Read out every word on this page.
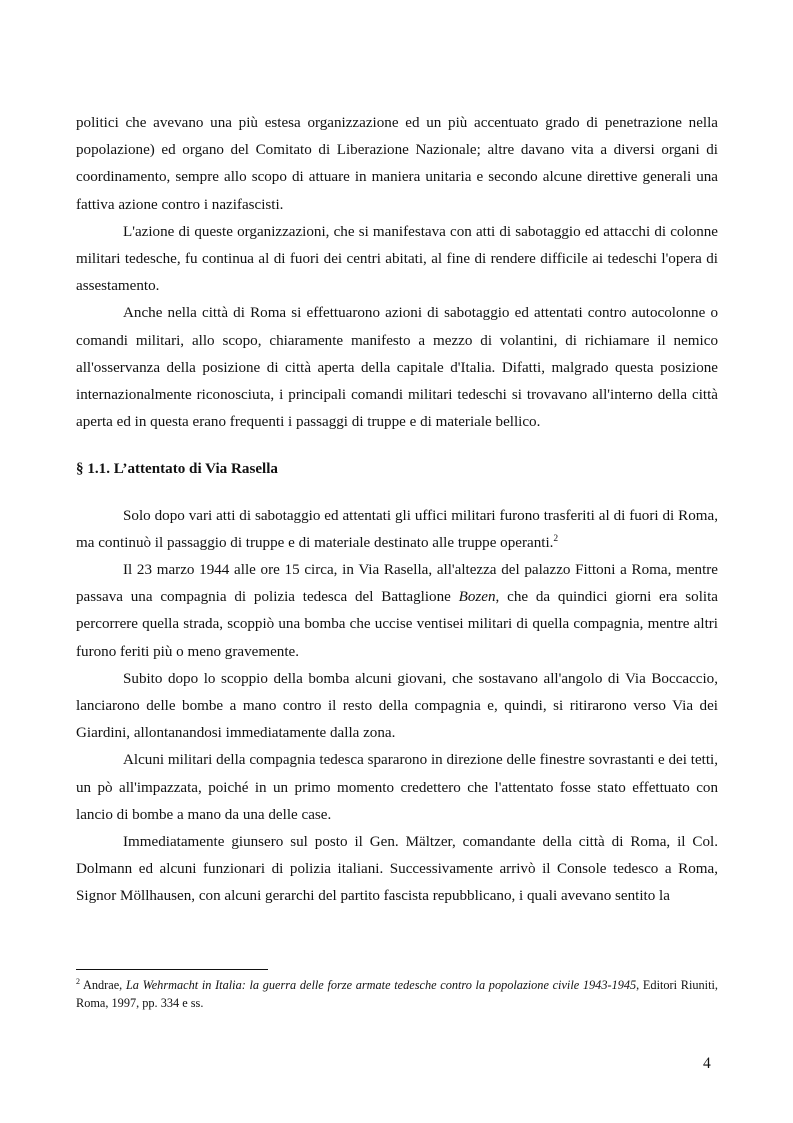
politici che avevano una più estesa organizzazione ed un più accentuato grado di penetrazione nella popolazione) ed organo del Comitato di Liberazione Nazionale; altre davano vita a diversi organi di coordinamento, sempre allo scopo di attuare in maniera unitaria e secondo alcune direttive generali una fattiva azione contro i nazifascisti.

L'azione di queste organizzazioni, che si manifestava con atti di sabotaggio ed attacchi di colonne militari tedesche, fu continua al di fuori dei centri abitati, al fine di rendere difficile ai tedeschi l'opera di assestamento.

Anche nella città di Roma si effettuarono azioni di sabotaggio ed attentati contro autocolonne o comandi militari, allo scopo, chiaramente manifesto a mezzo di volantini, di richiamare il nemico all'osservanza della posizione di città aperta della capitale d'Italia. Difatti, malgrado questa posizione internazionalmente riconosciuta, i principali comandi militari tedeschi si trovavano all'interno della città aperta ed in questa erano frequenti i passaggi di truppe e di materiale bellico.

§ 1.1. L’attentato di Via Rasella

Solo dopo vari atti di sabotaggio ed attentati gli uffici militari furono trasferiti al di fuori di Roma, ma continuò il passaggio di truppe e di materiale destinato alle truppe operanti.$^2$

Il 23 marzo 1944 alle ore 15 circa, in Via Rasella, all'altezza del palazzo Fittoni a Roma, mentre passava una compagnia di polizia tedesca del Battaglione Bozen, che da quindici giorni era solita percorrere quella strada, scoppiò una bomba che uccise ventisei militari di quella compagnia, mentre altri furono feriti più o meno gravemente.

Subito dopo lo scoppio della bomba alcuni giovani, che sostavano all'angolo di Via Boccaccio, lanciarono delle bombe a mano contro il resto della compagnia e, quindi, si ritirarono verso Via dei Giardini, allontanandosi immediatamente dalla zona.

Alcuni militari della compagnia tedesca spararono in direzione delle finestre sovrastanti e dei tetti, un pò all'impazzata, poiché in un primo momento credettero che l'attentato fosse stato effettuato con lancio di bombe a mano da una delle case.

Immediatamente giunsero sul posto il Gen. Mältzer, comandante della città di Roma, il Col. Dolmann ed alcuni funzionari di polizia italiani. Successivamente arrivò il Console tedesco a Roma, Signor Möllhausen, con alcuni gerarchi del partito fascista repubblicano, i quali avevano sentito la

$^2$ Andrae, La Wehrmacht in Italia: la guerra delle forze armate tedesche contro la popolazione civile 1943-1945, Editori Riuniti, Roma, 1997, pp. 334 e ss.

4
